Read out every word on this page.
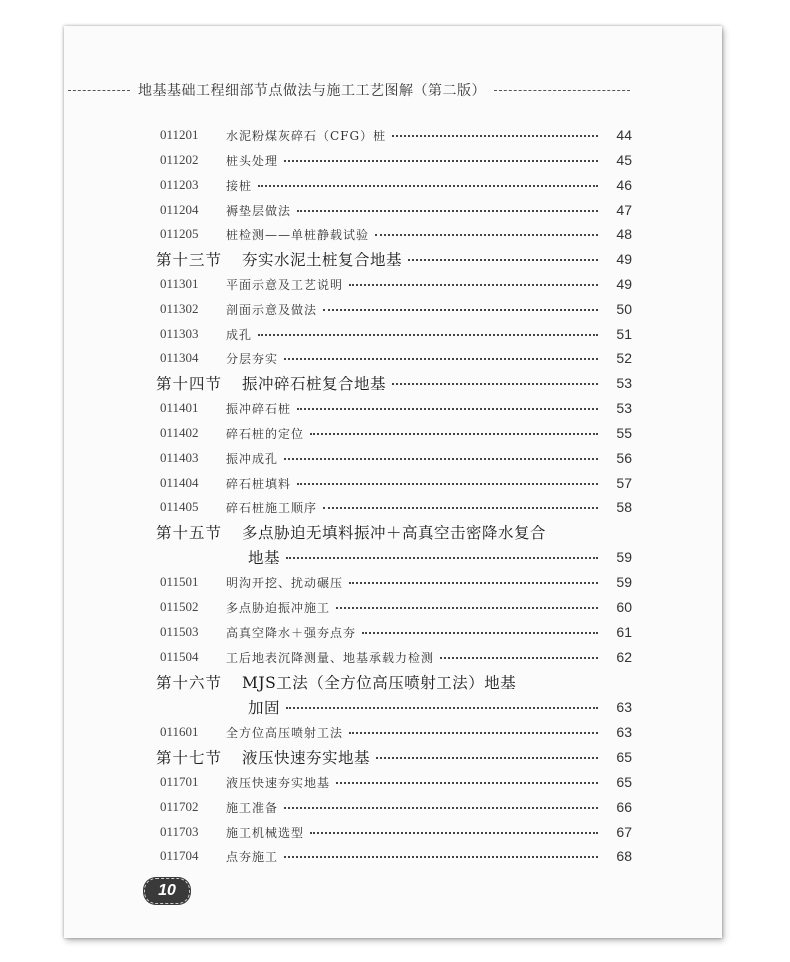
地基基础工程细部节点做法与施工工艺图解（第二版）
011201	水泥粉煤灰碎石（CFG）桩	44
011202	桩头处理	45
011203	接桩	46
011204	褥垫层做法	47
011205	桩检测——单桩静载试验	48
第十三节	夯实水泥土桩复合地基	49
011301	平面示意及工艺说明	49
011302	剖面示意及做法	50
011303	成孔	51
011304	分层夯实	52
第十四节	振冲碎石桩复合地基	53
011401	振冲碎石桩	53
011402	碎石桩的定位	55
011403	振冲成孔	56
011404	碎石桩填料	57
011405	碎石桩施工顺序	58
第十五节	多点胁迫无填料振冲＋高真空击密降水复合
地基	59
011501	明沟开挖、扰动碾压	59
011502	多点胁迫振冲施工	60
011503	高真空降水＋强夯点夯	61
011504	工后地表沉降测量、地基承载力检测	62
第十六节	MJS工法（全方位高压喷射工法）地基
加固	63
011601	全方位高压喷射工法	63
第十七节	液压快速夯实地基	65
011701	液压快速夯实地基	65
011702	施工准备	66
011703	施工机械选型	67
011704	点夯施工	68
10
